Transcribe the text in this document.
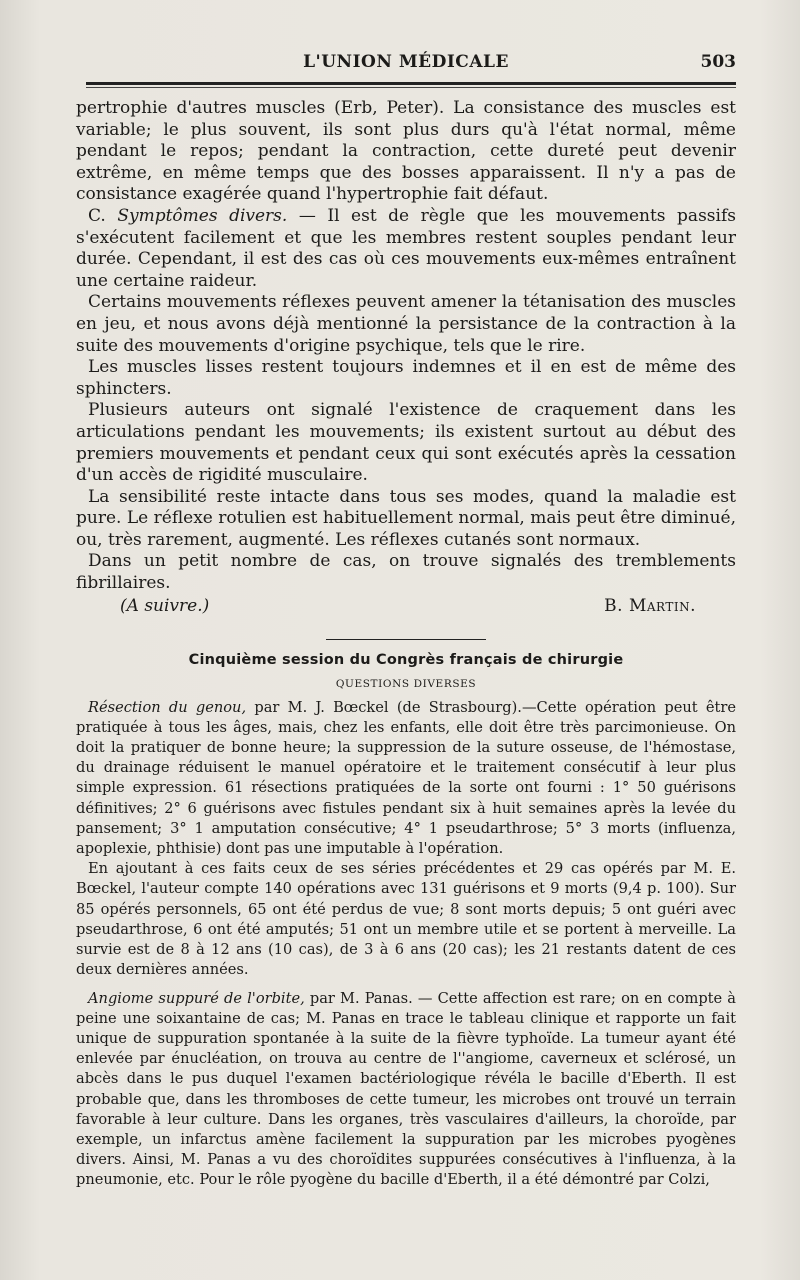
L'UNION MÉDICALE	503

pertrophie d'autres muscles (Erb, Peter). La consistance des muscles est variable; le plus souvent, ils sont plus durs qu'à l'état normal, même pendant le repos; pendant la contraction, cette dureté peut devenir extrême, en même temps que des bosses apparaissent. Il n'y a pas de consistance exagérée quand l'hypertrophie fait défaut.

C. Symptômes divers. — Il est de règle que les mouvements passifs s'exécutent facilement et que les membres restent souples pendant leur durée. Cependant, il est des cas où ces mouvements eux-mêmes entraînent une certaine raideur.

Certains mouvements réflexes peuvent amener la tétanisation des muscles en jeu, et nous avons déjà mentionné la persistance de la contraction à la suite des mouvements d'origine psychique, tels que le rire.

Les muscles lisses restent toujours indemnes et il en est de même des sphincters.

Plusieurs auteurs ont signalé l'existence de craquement dans les articulations pendant les mouvements; ils existent surtout au début des premiers mouvements et pendant ceux qui sont exécutés après la cessation d'un accès de rigidité musculaire.

La sensibilité reste intacte dans tous ses modes, quand la maladie est pure. Le réflexe rotulien est habituellement normal, mais peut être diminué, ou, très rarement, augmenté. Les réflexes cutanés sont normaux.

Dans un petit nombre de cas, on trouve signalés des tremblements fibrillaires.

(A suivre.)	B. Martin.
Cinquième session du Congrès français de chirurgie
QUESTIONS DIVERSES

Résection du genou, par M. J. Bœckel (de Strasbourg).—Cette opération peut être pratiquée à tous les âges, mais, chez les enfants, elle doit être très parcimonieuse. On doit la pratiquer de bonne heure; la suppression de la suture osseuse, de l'hémostase, du drainage réduisent le manuel opératoire et le traitement consécutif à leur plus simple expression. 61 résections pratiquées de la sorte ont fourni : 1° 50 guérisons définitives; 2° 6 guérisons avec fistules pendant six à huit semaines après la levée du pansement; 3° 1 amputation consécutive; 4° 1 pseudarthrose; 5° 3 morts (influenza, apoplexie, phthisie) dont pas une imputable à l'opération.

En ajoutant à ces faits ceux de ses séries précédentes et 29 cas opérés par M. E. Bœckel, l'auteur compte 140 opérations avec 131 guérisons et 9 morts (9,4 p. 100). Sur 85 opérés personnels, 65 ont été perdus de vue; 8 sont morts depuis; 5 ont guéri avec pseudarthrose, 6 ont été amputés; 51 ont un membre utile et se portent à merveille. La survie est de 8 à 12 ans (10 cas), de 3 à 6 ans (20 cas); les 21 restants datent de ces deux dernières années.

Angiome suppuré de l'orbite, par M. Panas. — Cette affection est rare; on en compte à peine une soixantaine de cas; M. Panas en trace le tableau clinique et rapporte un fait unique de suppuration spontanée à la suite de la fièvre typhoïde. La tumeur ayant été enlevée par énucléation, on trouva au centre de l''angiome, caverneux et sclérosé, un abcès dans le pus duquel l'examen bactériologique révéla le bacille d'Eberth. Il est probable que, dans les thromboses de cette tumeur, les microbes ont trouvé un terrain favorable à leur culture. Dans les organes, très vasculaires d'ailleurs, la choroïde, par exemple, un infarctus amène facilement la suppuration par les microbes pyogènes divers. Ainsi, M. Panas a vu des choroïdites suppurées consécutives à l'influenza, à la pneumonie, etc. Pour le rôle pyogène du bacille d'Eberth, il a été démontré par Colzi,
